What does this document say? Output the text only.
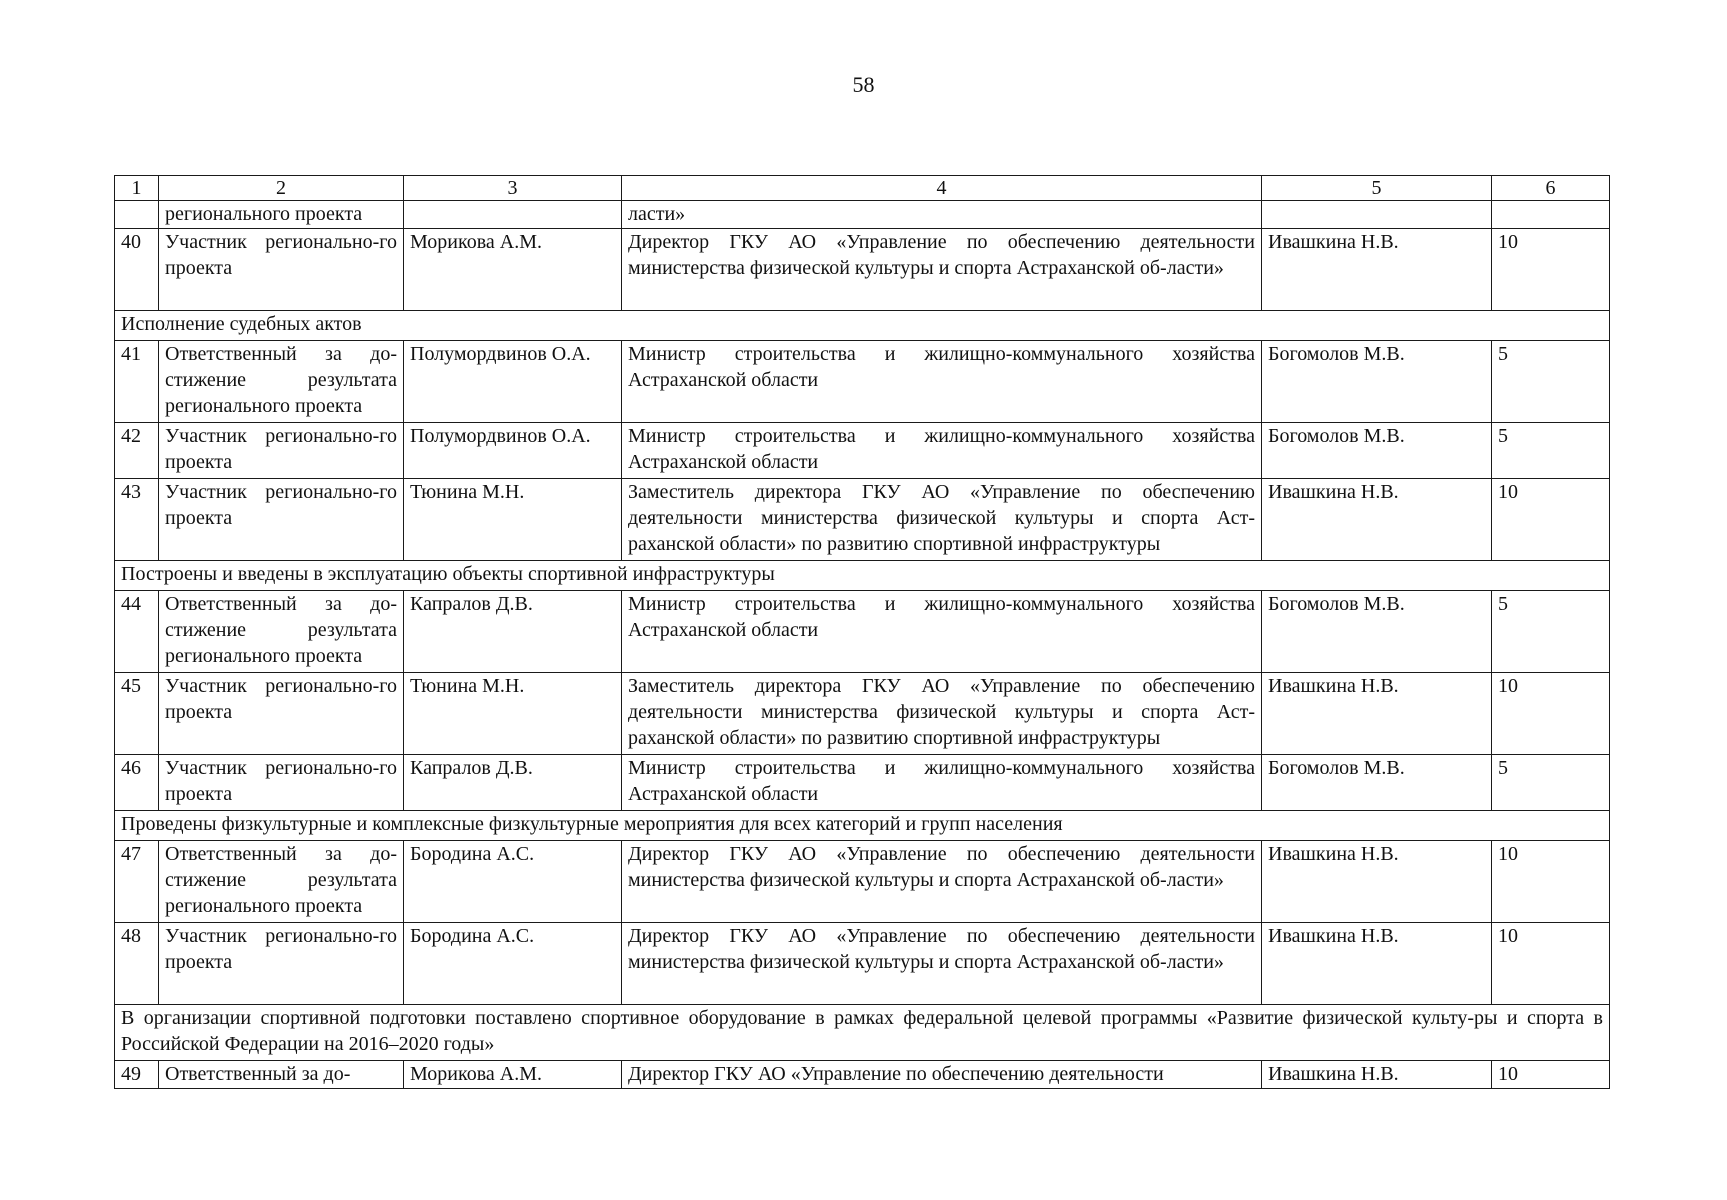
58
1	2	3	4	5	6
	регионального проекта		ласти»		
40	Участник регионально-го проекта	Морикова А.М.	Директор ГКУ АО «Управление по обеспечению деятельности министерства физической культуры и спорта Астраханской об-ласти»	Ивашкина Н.В.	10
Исполнение судебных актов					
41	Ответственный за до-стижение результата регионального проекта	Полумордвинов О.А.	Министр строительства и жилищно-коммунального хозяйства Астраханской области	Богомолов М.В.	5
42	Участник регионально-го проекта	Полумордвинов О.А.	Министр строительства и жилищно-коммунального хозяйства Астраханской области	Богомолов М.В.	5
43	Участник регионально-го проекта	Тюнина М.Н.	Заместитель директора ГКУ АО «Управление по обеспечению деятельности министерства физической культуры и спорта Аст-раханской области» по развитию спортивной инфраструктуры	Ивашкина Н.В.	10
Построены и введены в эксплуатацию объекты спортивной инфраструктуры					
44	Ответственный за до-стижение результата регионального проекта	Капралов Д.В.	Министр строительства и жилищно-коммунального хозяйства Астраханской области	Богомолов М.В.	5
45	Участник регионально-го проекта	Тюнина М.Н.	Заместитель директора ГКУ АО «Управление по обеспечению деятельности министерства физической культуры и спорта Аст-раханской области» по развитию спортивной инфраструктуры	Ивашкина Н.В.	10
46	Участник регионально-го проекта	Капралов Д.В.	Министр строительства и жилищно-коммунального хозяйства Астраханской области	Богомолов М.В.	5
Проведены физкультурные и комплексные физкультурные мероприятия для всех категорий и групп населения					
47	Ответственный за до-стижение результата регионального проекта	Бородина А.С.	Директор ГКУ АО «Управление по обеспечению деятельности министерства физической культуры и спорта Астраханской об-ласти»	Ивашкина Н.В.	10
48	Участник регионально-го проекта	Бородина А.С.	Директор ГКУ АО «Управление по обеспечению деятельности министерства физической культуры и спорта Астраханской об-ласти»	Ивашкина Н.В.	10
В организации спортивной подготовки поставлено спортивное оборудование в рамках федеральной целевой программы «Развитие физической культу-ры и спорта в Российской Федерации на 2016–2020 годы»					
49	Ответственный за до-	Морикова А.М.	Директор ГКУ АО «Управление по обеспечению деятельности	Ивашкина Н.В.	10
